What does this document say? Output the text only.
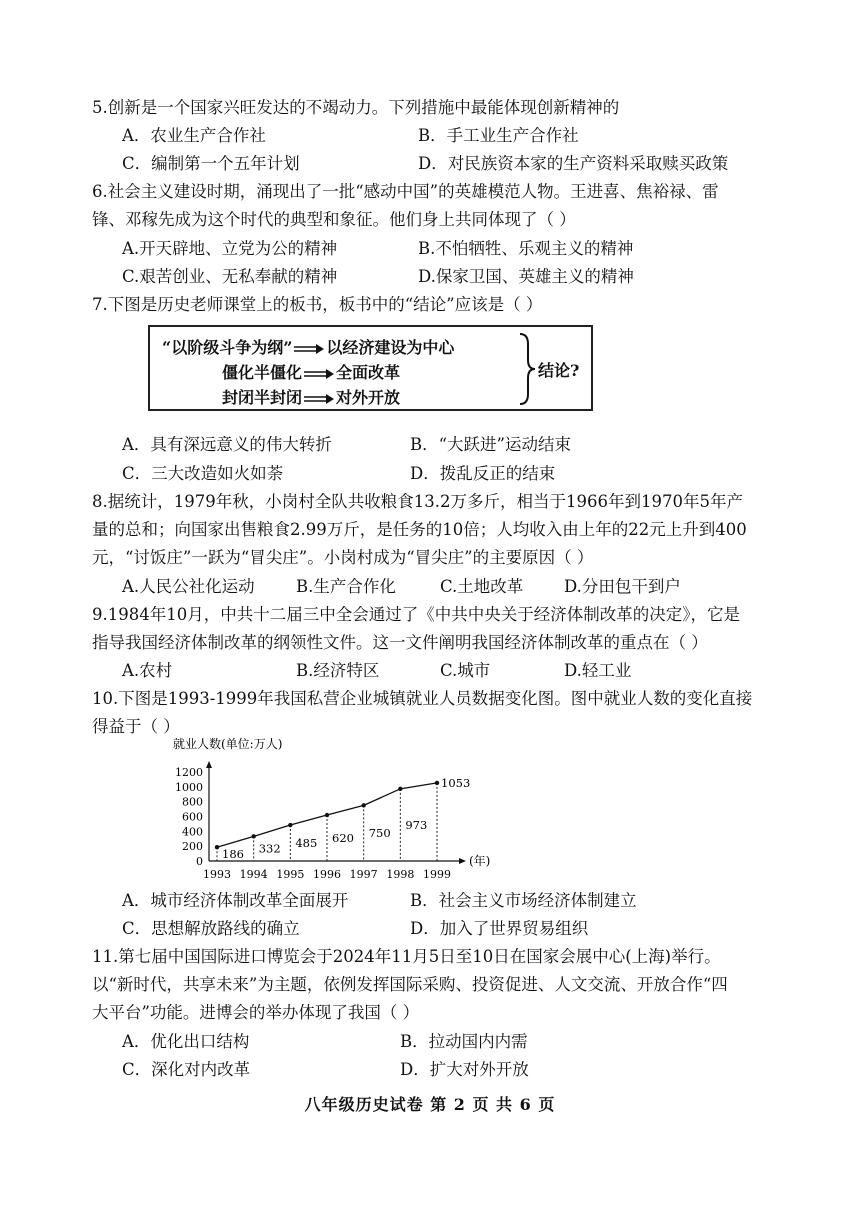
5.创新是一个国家兴旺发达的不竭动力。下列措施中最能体现创新精神的
A．农业生产合作社	B．手工业生产合作社
C．编制第一个五年计划	D．对民族资本家的生产资料采取赎买政策
6.社会主义建设时期，涌现出了一批“感动中国”的英雄模范人物。王进喜、焦裕禄、雷
锋、邓稼先成为这个时代的典型和象征。他们身上共同体现了（ ）
A.开天辟地、立党为公的精神	B.不怕牺牲、乐观主义的精神
C.艰苦创业、无私奉献的精神	D.保家卫国、英雄主义的精神
7.下图是历史老师课堂上的板书，板书中的“结论”应该是（ ）
“以阶级斗争为纲” 以经济建设为中心
僵化半僵化 全面改革
封闭半封闭 对外开放
结论?
A．具有深远意义的伟大转折	B．“大跃进”运动结束
C．三大改造如火如荼	D．拨乱反正的结束
8.据统计，1979年秋，小岗村全队共收粮食13.2万多斤，相当于1966年到1970年5年产
量的总和；向国家出售粮食2.99万斤，是任务的10倍；人均收入由上年的22元上升到400
元，“讨饭庄”一跃为“冒尖庄”。小岗村成为“冒尖庄”的主要原因（ ）
A.人民公社化运动	B.生产合作化	C.土地改革 D.分田包干到户
9.1984年10月，中共十二届三中全会通过了《中共中央关于经济体制改革的决定》，它是
指导我国经济体制改革的纲领性文件。这一文件阐明我国经济体制改革的重点在（ ）
A.农村	B.经济特区	C.城市	D.轻工业
10.下图是1993-1999年我国私营企业城镇就业人员数据变化图。图中就业人数的变化直接
得益于（ ）
就业人数(单位:万人)
(年)
0
200
400
600
800
1000
1200
1993 1994 1995 1996 1997 1998 1999
186 332 485 620 750
973
1053
A．城市经济体制改革全面展开	B．社会主义市场经济体制建立
C．思想解放路线的确立	D．加入了世界贸易组织
11.第七届中国国际进口博览会于2024年11月5日至10日在国家会展中心(上海)举行。
以“新时代，共享未来”为主题，依例发挥国际采购、投资促进、人文交流、开放合作“四
大平台”功能。进博会的举办体现了我国（ ）
A．优化出口结构	B．拉动国内内需
C．深化对内改革	D．扩大对外开放
八年级历史试卷 第 2 页 共 6 页
